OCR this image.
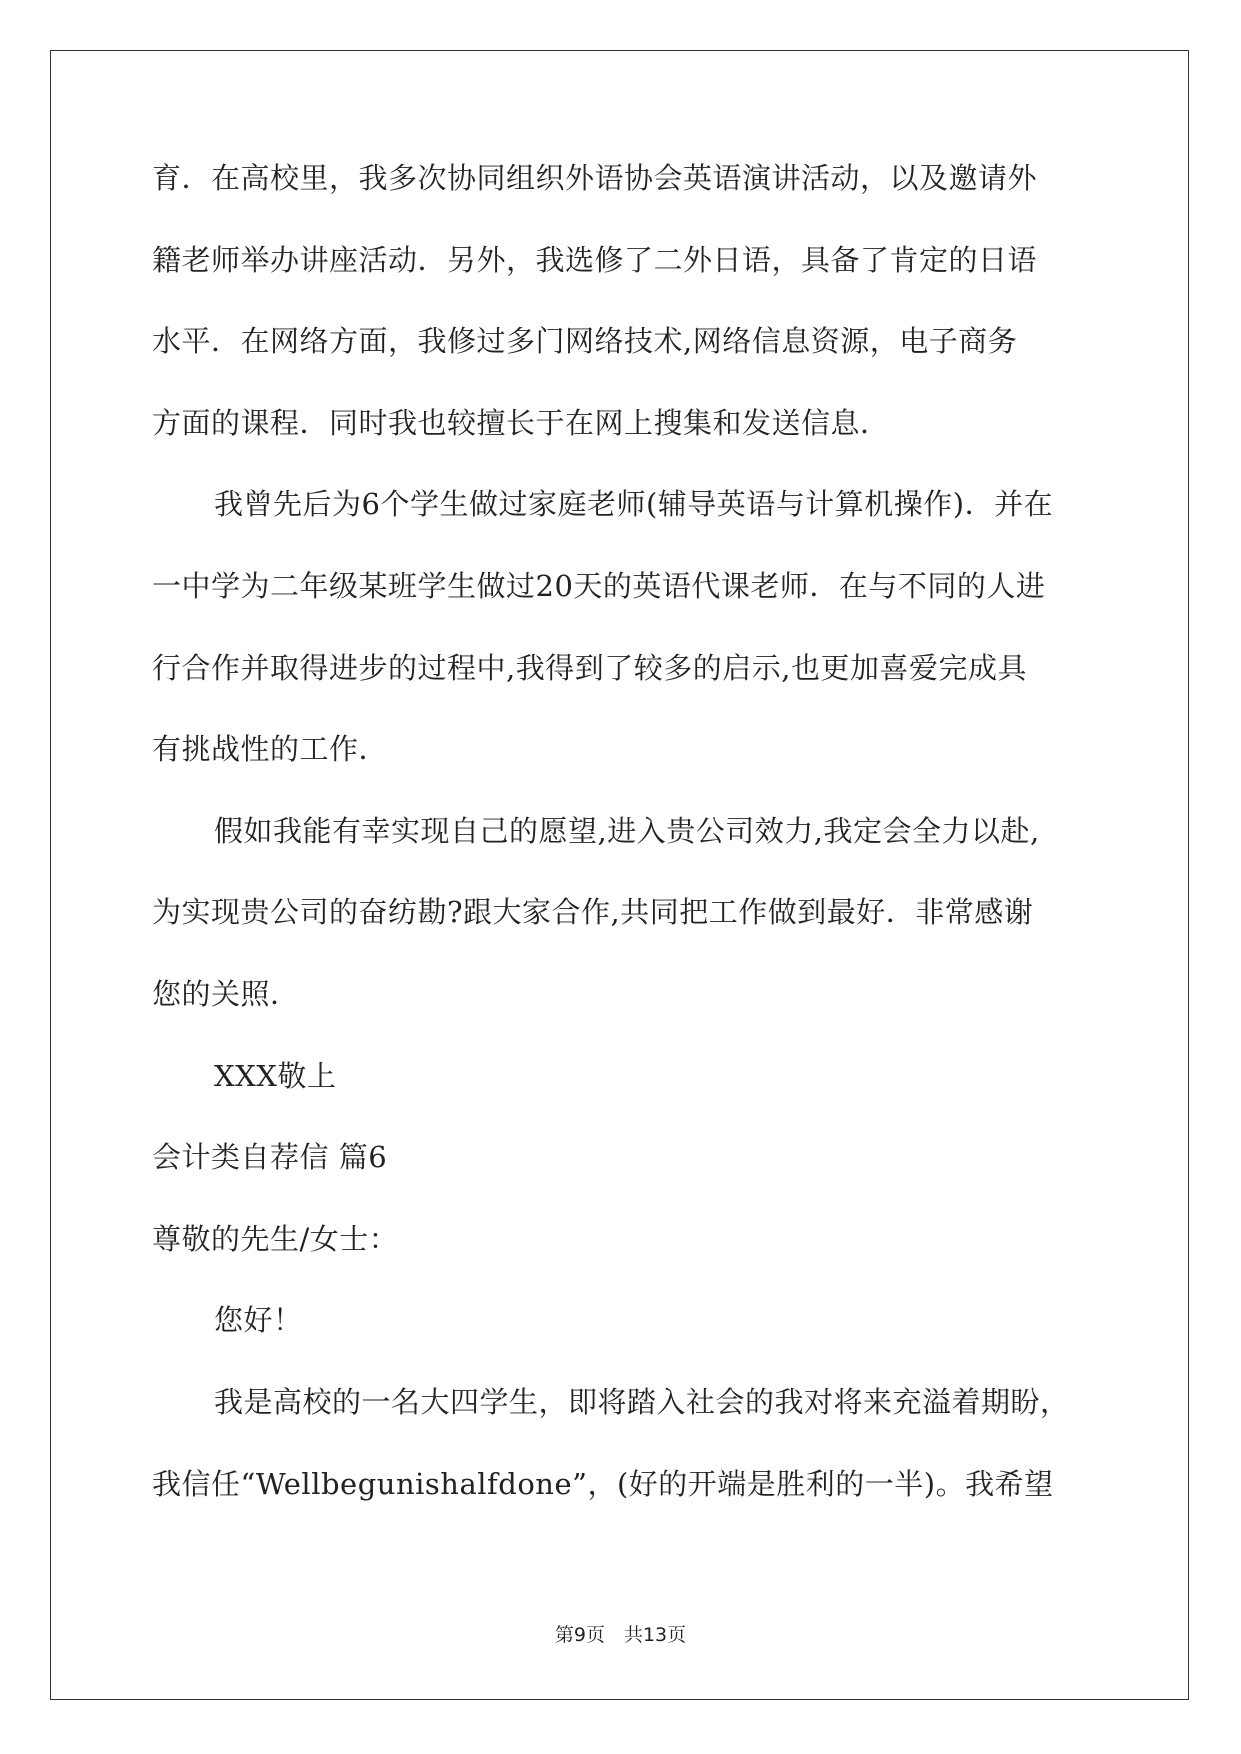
育．在高校里，我多次协同组织外语协会英语演讲活动，以及邀请外
籍老师举办讲座活动．另外，我选修了二外日语，具备了肯定的日语
水平．在网络方面，我修过多门网络技术,网络信息资源，电子商务
方面的课程．同时我也较擅长于在网上搜集和发送信息．
我曾先后为6个学生做过家庭老师(辅导英语与计算机操作)．并在
一中学为二年级某班学生做过20天的英语代课老师．在与不同的人进
行合作并取得进步的过程中,我得到了较多的启示,也更加喜爱完成具
有挑战性的工作．
假如我能有幸实现自己的愿望,进入贵公司效力,我定会全力以赴,
为实现贵公司的奋纺勘?跟大家合作,共同把工作做到最好．非常感谢
您的关照．
XXX敬上
会计类自荐信 篇6
尊敬的先生/女士：
您好！
我是高校的一名大四学生，即将踏入社会的我对将来充溢着期盼，
我信任“Wellbegunishalfdone”，(好的开端是胜利的一半)。我希望
第9页　共13页
